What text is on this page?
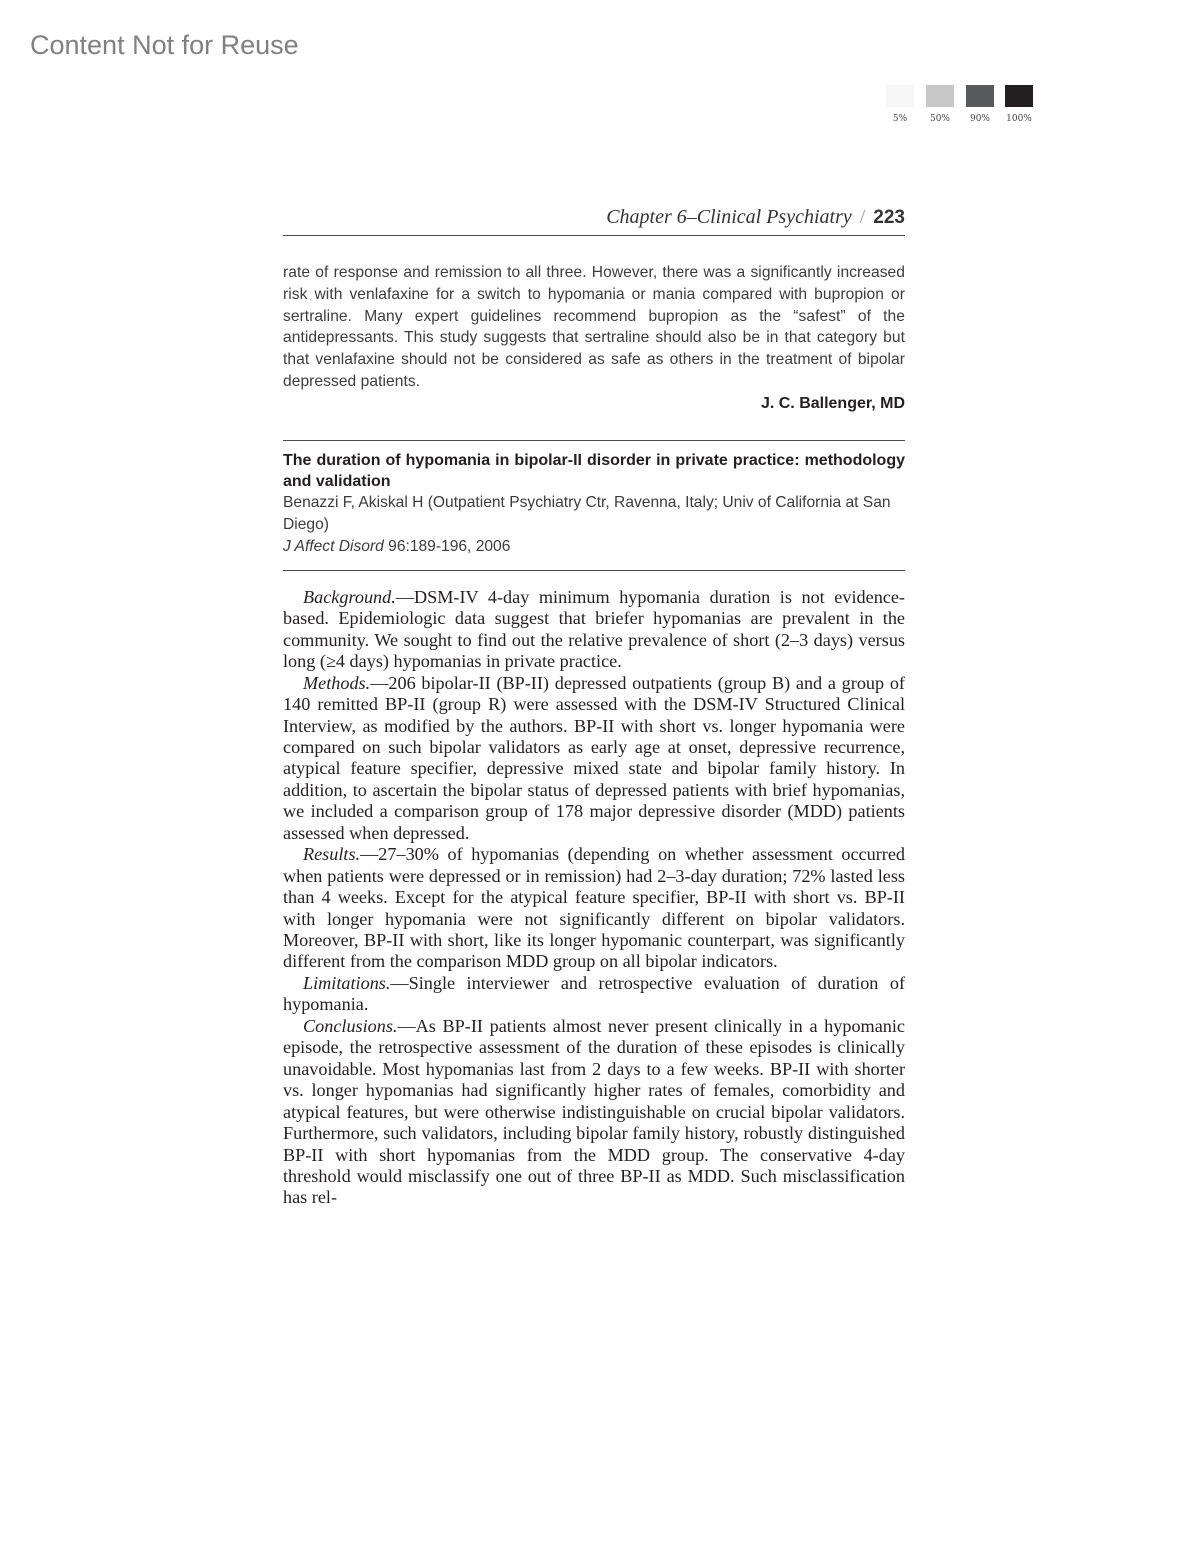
Content Not for Reuse
5%	50%	90%	100%
Chapter 6–Clinical Psychiatry / 223
rate of response and remission to all three. However, there was a significantly increased risk with venlafaxine for a switch to hypomania or mania compared with bupropion or sertraline. Many expert guidelines recommend bupropion as the “safest” of the antidepressants. This study suggests that sertraline should also be in that category but that venlafaxine should not be considered as safe as others in the treatment of bipolar depressed patients.
J. C. Ballenger, MD
The duration of hypomania in bipolar-II disorder in private practice: methodology and validation
Benazzi F, Akiskal H (Outpatient Psychiatry Ctr, Ravenna, Italy; Univ of California at San Diego)
J Affect Disord 96:189-196, 2006

Background.—DSM-IV 4-day minimum hypomania duration is not evidence-based. Epidemiologic data suggest that briefer hypomanias are prevalent in the community. We sought to find out the relative prevalence of short (2–3 days) versus long (≥4 days) hypomanias in private practice.

Methods.—206 bipolar-II (BP-II) depressed outpatients (group B) and a group of 140 remitted BP-II (group R) were assessed with the DSM-IV Structured Clinical Interview, as modified by the authors. BP-II with short vs. longer hypomania were compared on such bipolar validators as early age at onset, depressive recurrence, atypical feature specifier, depressive mixed state and bipolar family history. In addition, to ascertain the bipolar status of depressed patients with brief hypomanias, we included a comparison group of 178 major depressive disorder (MDD) patients assessed when depressed.

Results.—27–30% of hypomanias (depending on whether assessment occurred when patients were depressed or in remission) had 2–3-day duration; 72% lasted less than 4 weeks. Except for the atypical feature specifier, BP-II with short vs. BP-II with longer hypomania were not significantly different on bipolar validators. Moreover, BP-II with short, like its longer hypomanic counterpart, was significantly different from the comparison MDD group on all bipolar indicators.

Limitations.—Single interviewer and retrospective evaluation of duration of hypomania.

Conclusions.—As BP-II patients almost never present clinically in a hypomanic episode, the retrospective assessment of the duration of these episodes is clinically unavoidable. Most hypomanias last from 2 days to a few weeks. BP-II with shorter vs. longer hypomanias had significantly higher rates of females, comorbidity and atypical features, but were otherwise indistinguishable on crucial bipolar validators. Furthermore, such validators, including bipolar family history, robustly distinguished BP-II with short hypomanias from the MDD group. The conservative 4-day threshold would misclassify one out of three BP-II as MDD. Such misclassification has rel-
